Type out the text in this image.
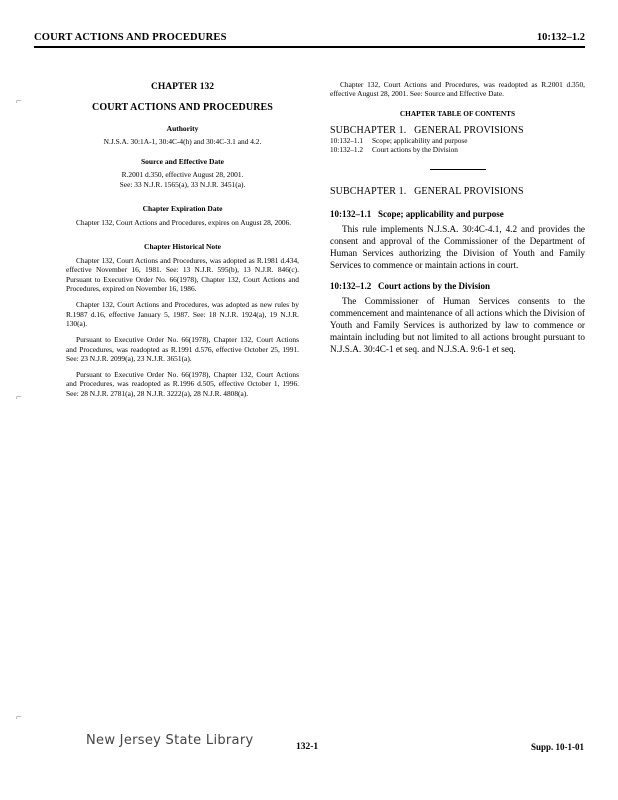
COURT ACTIONS AND PROCEDURES	10:132–1.2
⌐
⌐
⌐
CHAPTER 132
COURT ACTIONS AND PROCEDURES
Authority
N.J.S.A. 30:1A-1, 30:4C-4(h) and 30:4C-3.1 and 4.2.
Source and Effective Date
R.2001 d.350, effective August 28, 2001.
See: 33 N.J.R. 1565(a), 33 N.J.R. 3451(a).
Chapter Expiration Date
Chapter 132, Court Actions and Procedures, expires on August 28, 2006.
Chapter Historical Note
Chapter 132, Court Actions and Procedures, was adopted as R.1981 d.434, effective November 16, 1981. See: 13 N.J.R. 595(b), 13 N.J.R. 846(c). Pursuant to Executive Order No. 66(1978), Chapter 132, Court Actions and Procedures, expired on November 16, 1986.
Chapter 132, Court Actions and Procedures, was adopted as new rules by R.1987 d.16, effective January 5, 1987. See: 18 N.J.R. 1924(a), 19 N.J.R. 130(a).
Pursuant to Executive Order No. 66(1978), Chapter 132, Court Actions and Procedures, was readopted as R.1991 d.576, effective October 25, 1991. See: 23 N.J.R. 2099(a), 23 N.J.R. 3651(a).
Pursuant to Executive Order No. 66(1978), Chapter 132, Court Actions and Procedures, was readopted as R.1996 d.505, effective October 1, 1996. See: 28 N.J.R. 2781(a), 28 N.J.R. 3222(a), 28 N.J.R. 4808(a).
Chapter 132, Court Actions and Procedures, was readopted as R.2001 d.350, effective August 28, 2001. See: Source and Effective Date.
CHAPTER TABLE OF CONTENTS
SUBCHAPTER 1.   GENERAL PROVISIONS
10:132–1.1	Scope; applicability and purpose
10:132–1.2	Court actions by the Division
SUBCHAPTER 1.   GENERAL PROVISIONS
10:132–1.1   Scope; applicability and purpose
This rule implements N.J.S.A. 30:4C-4.1, 4.2 and provides the consent and approval of the Commissioner of the Department of Human Services authorizing the Division of Youth and Family Services to commence or maintain actions in court.
10:132–1.2   Court actions by the Division
The Commissioner of Human Services consents to the commencement and maintenance of all actions which the Division of Youth and Family Services is authorized by law to commence or maintain including but not limited to all actions brought pursuant to N.J.S.A. 30:4C-1 et seq. and N.J.S.A. 9:6-1 et seq.
New Jersey State Library	132-1	Supp. 10-1-01
